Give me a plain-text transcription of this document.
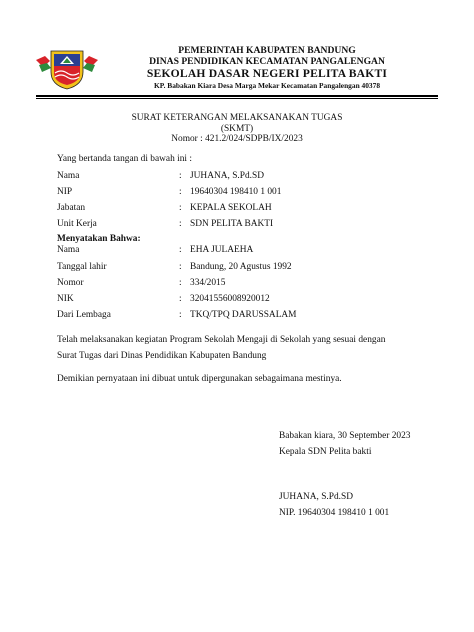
PEMERINTAH KABUPATEN BANDUNG
DINAS PENDIDIKAN KECAMATAN PANGALENGAN
SEKOLAH DASAR NEGERI PELITA BAKTI
KP. Babakan Kiara Desa Marga Mekar Kecamatan Pangalengan 40378
SURAT KETERANGAN MELAKSANAKAN TUGAS
(SKMT)
Nomor : 421.2/024/SDPB/IX/2023
Yang bertanda tangan di bawah ini :
Nama	: JUHANA, S.Pd.SD
NIP	: 19640304 198410 1 001
Jabatan	: KEPALA SEKOLAH
Unit Kerja	: SDN PELITA BAKTI
Menyatakan Bahwa:
Nama	: EHA JULAEHA
Tanggal lahir	: Bandung, 20 Agustus 1992
Nomor	: 334/2015
NIK	: 32041556008920012
Dari Lembaga	: TKQ/TPQ DARUSSALAM
Telah melaksanakan kegiatan Program Sekolah Mengaji di Sekolah yang sesuai dengan
Surat Tugas dari Dinas Pendidikan Kabupaten Bandung
Demikian pernyataan ini dibuat untuk dipergunakan sebagaimana mestinya.
Babakan kiara, 30 September 2023
Kepala SDN Pelita bakti
JUHANA, S.Pd.SD
NIP. 19640304 198410 1 001
